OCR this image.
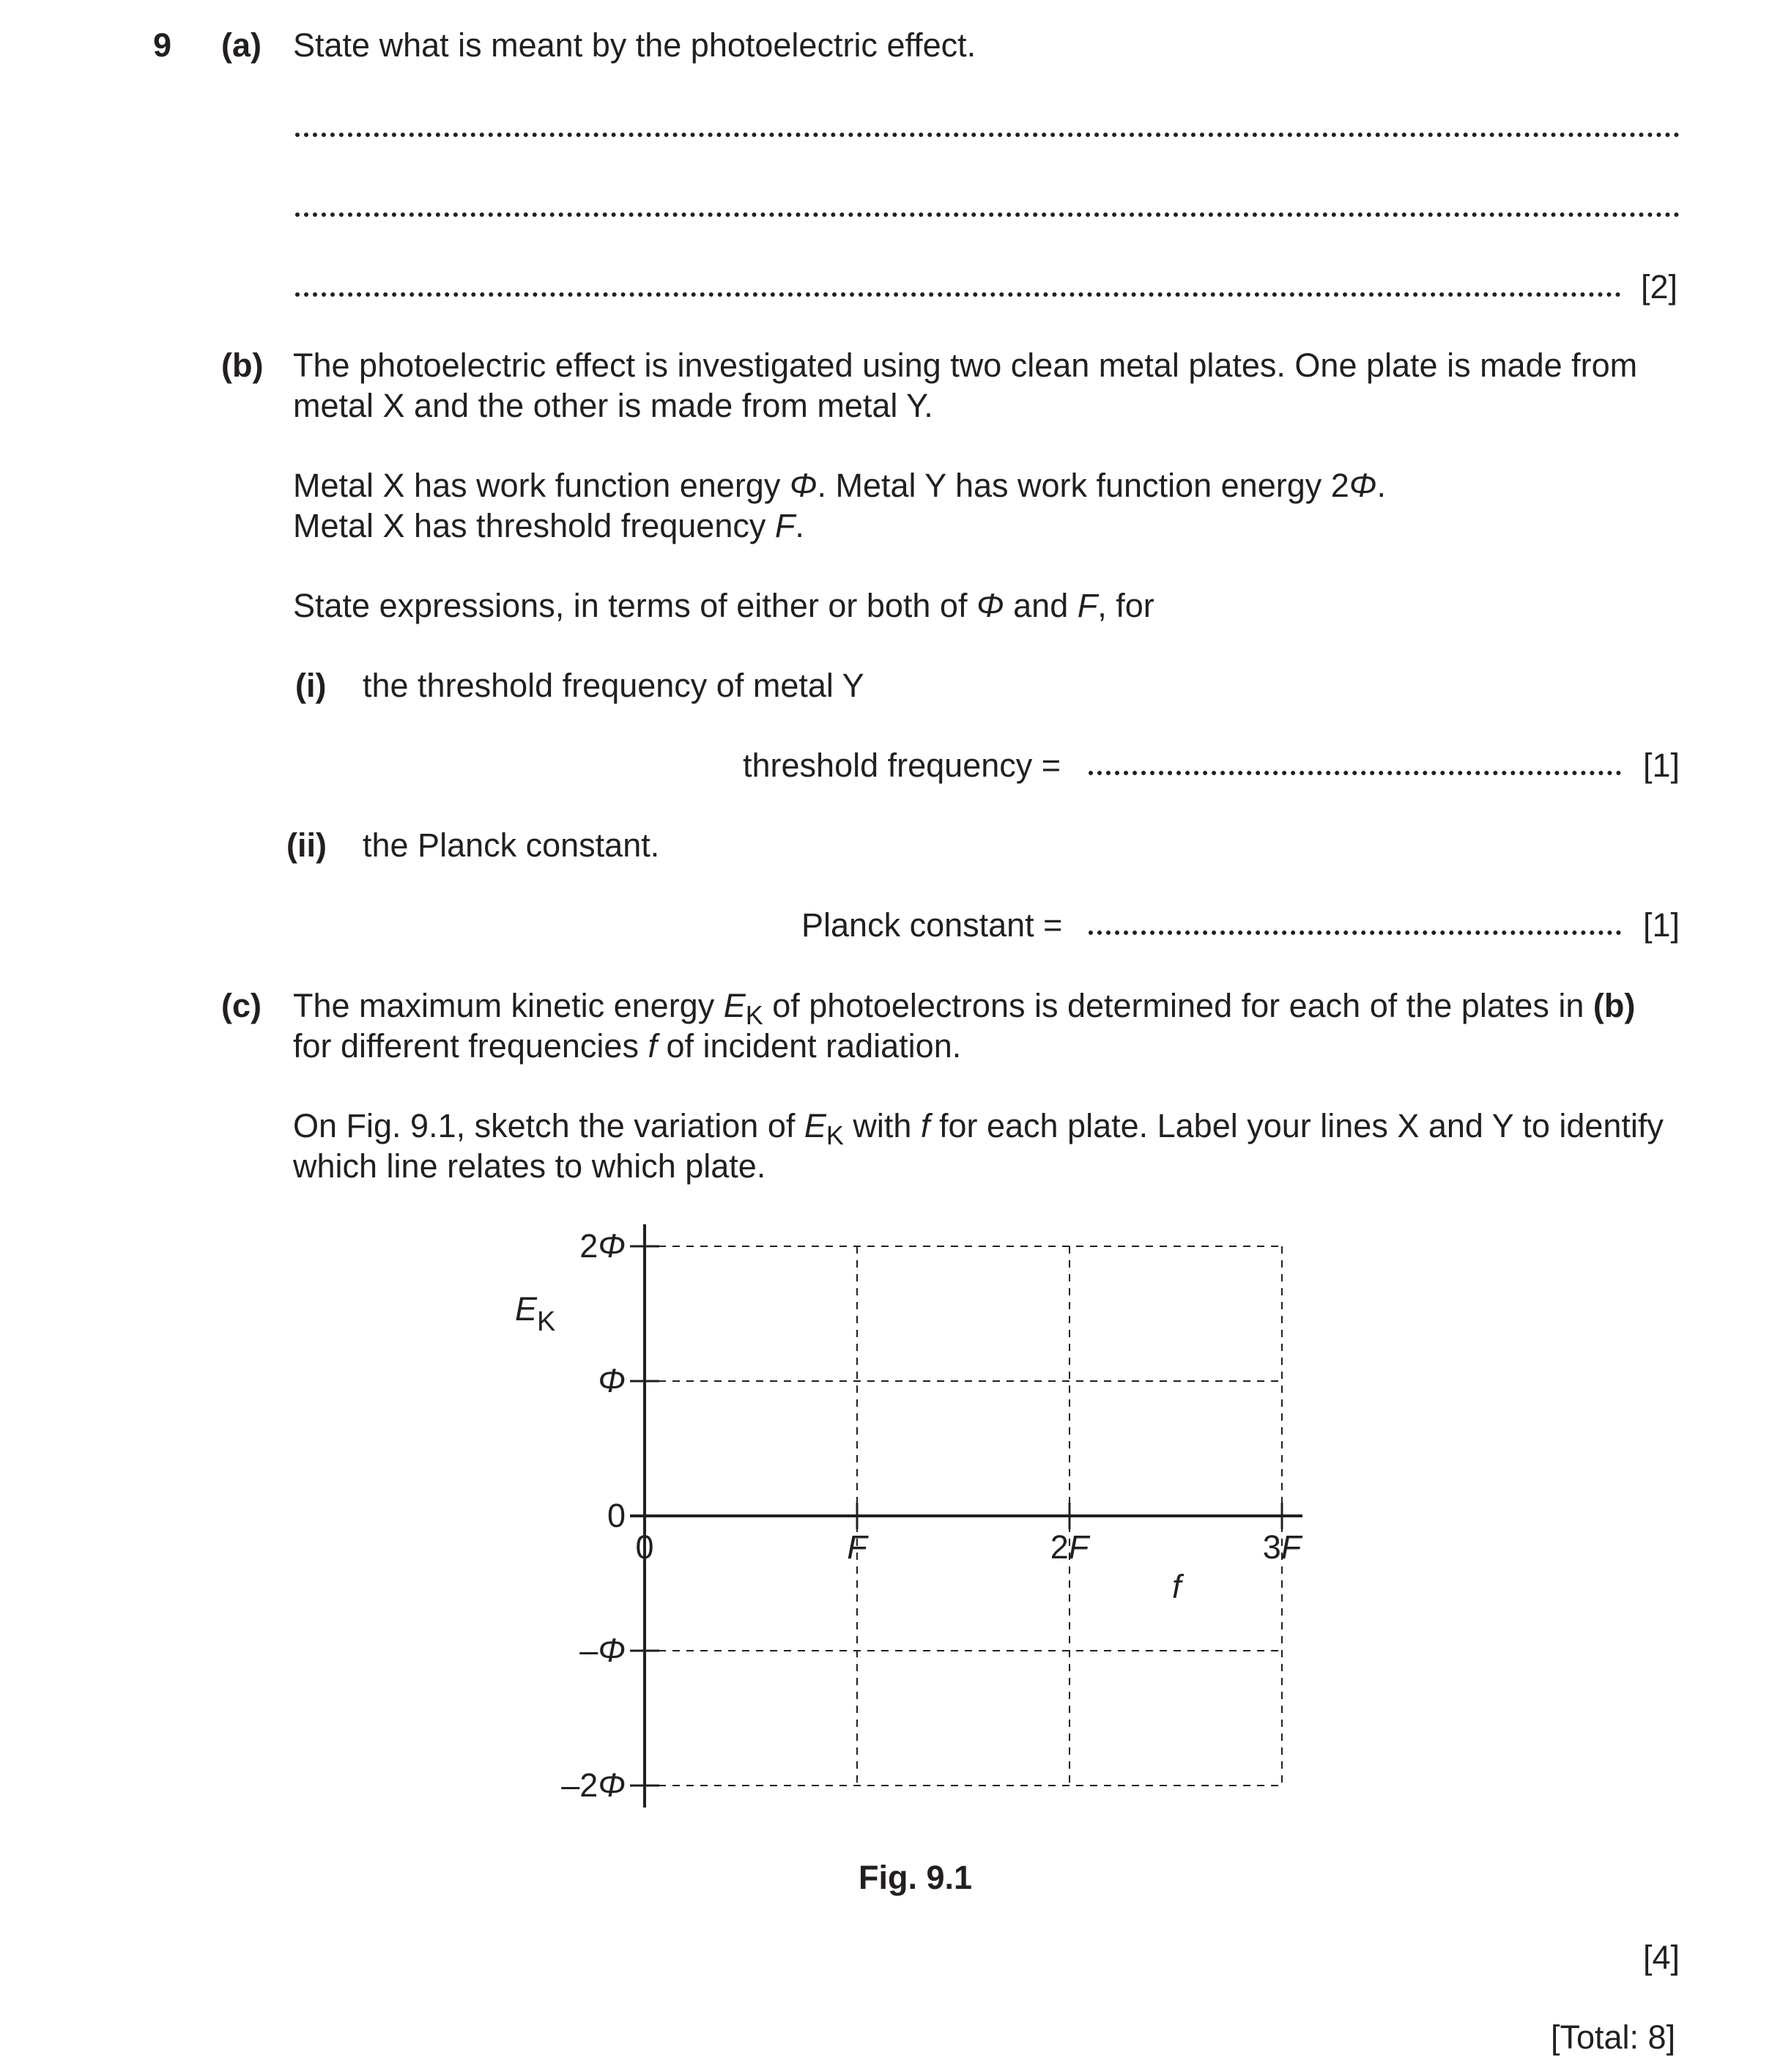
9 (a) State what is meant by the photoelectric effect.
[2]
(b) The photoelectric effect is investigated using two clean metal plates. One plate is made from
metal X and the other is made from metal Y.
Metal X has work function energy Φ. Metal Y has work function energy 2Φ.
Metal X has threshold frequency F.
State expressions, in terms of either or both of Φ and F, for
(i) the threshold frequency of metal Y
threshold frequency =	[1]
(ii) the Planck constant.
Planck constant =	[1]
(c) The maximum kinetic energy $E_K$ of photoelectrons is determined for each of the plates in (b)
for different frequencies f of incident radiation.
On Fig. 9.1, sketch the variation of $E_K$ with f for each plate. Label your lines X and Y to identify
which line relates to which plate.
2Φ
Φ
0
–Φ
–2Φ
0	F	2F	3F
$E_K$
f
Fig. 9.1
[4]
[Total: 8]
